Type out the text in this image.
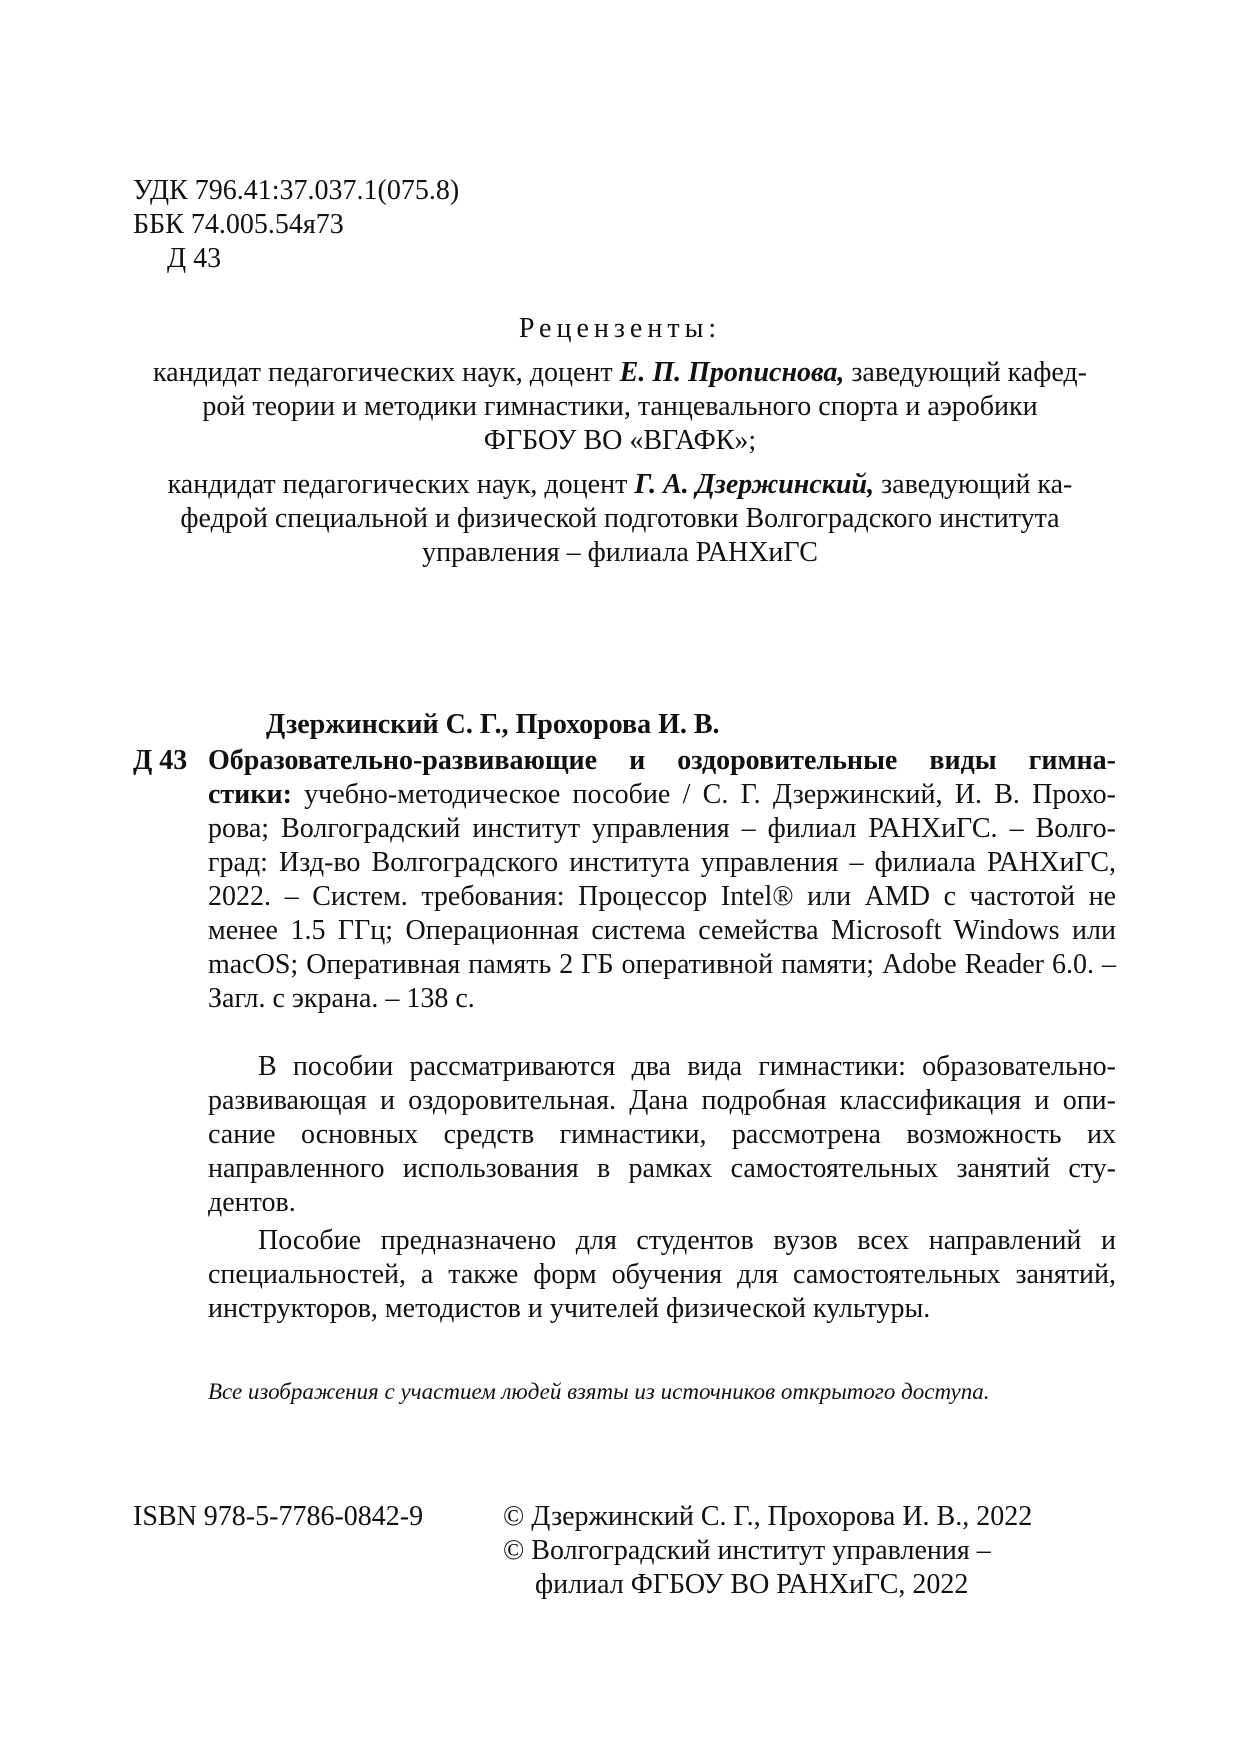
УДК 796.41:37.037.1(075.8)
ББК 74.005.54я73
Д 43
Рецензенты:
кандидат педагогических наук, доцент Е. П. Прописнова, заведующий кафед-
рой теории и методики гимнастики, танцевального спорта и аэробики
ФГБОУ ВО «ВГАФК»;
кандидат педагогических наук, доцент Г. А. Дзержинский, заведующий ка-
федрой специальной и физической подготовки Волгоградского института
управления – филиала РАНХиГС
Дзержинский С. Г., Прохорова И. В.
Д 43 Образовательно-развивающие и оздоровительные виды гимна-
стики: учебно-методическое пособие / С. Г. Дзержинский, И. В. Прохо-
рова; Волгоградский институт управления – филиал РАНХиГС. – Волго-
град: Изд-во Волгоградского института управления – филиала РАНХиГС,
2022. – Систем. требования: Процессор Intel® или AMD с частотой не
менее 1.5 ГГц; Операционная система семейства Microsoft Windows или
macOS; Оперативная память 2 ГБ оперативной памяти; Adobe Reader 6.0. –
Загл. с экрана. – 138 с.
В пособии рассматриваются два вида гимнастики: образовательно-
развивающая и оздоровительная. Дана подробная классификация и опи-
сание основных средств гимнастики, рассмотрена возможность их
направленного использования в рамках самостоятельных занятий сту-
дентов.
Пособие предназначено для студентов вузов всех направлений и
специальностей, а также форм обучения для самостоятельных занятий,
инструкторов, методистов и учителей физической культуры.
Все изображения с участием людей взяты из источников открытого доступа.
ISBN 978-5-7786-0842-9	© Дзержинский С. Г., Прохорова И. В., 2022
© Волгоградский институт управления –
филиал ФГБОУ ВО РАНХиГС, 2022
